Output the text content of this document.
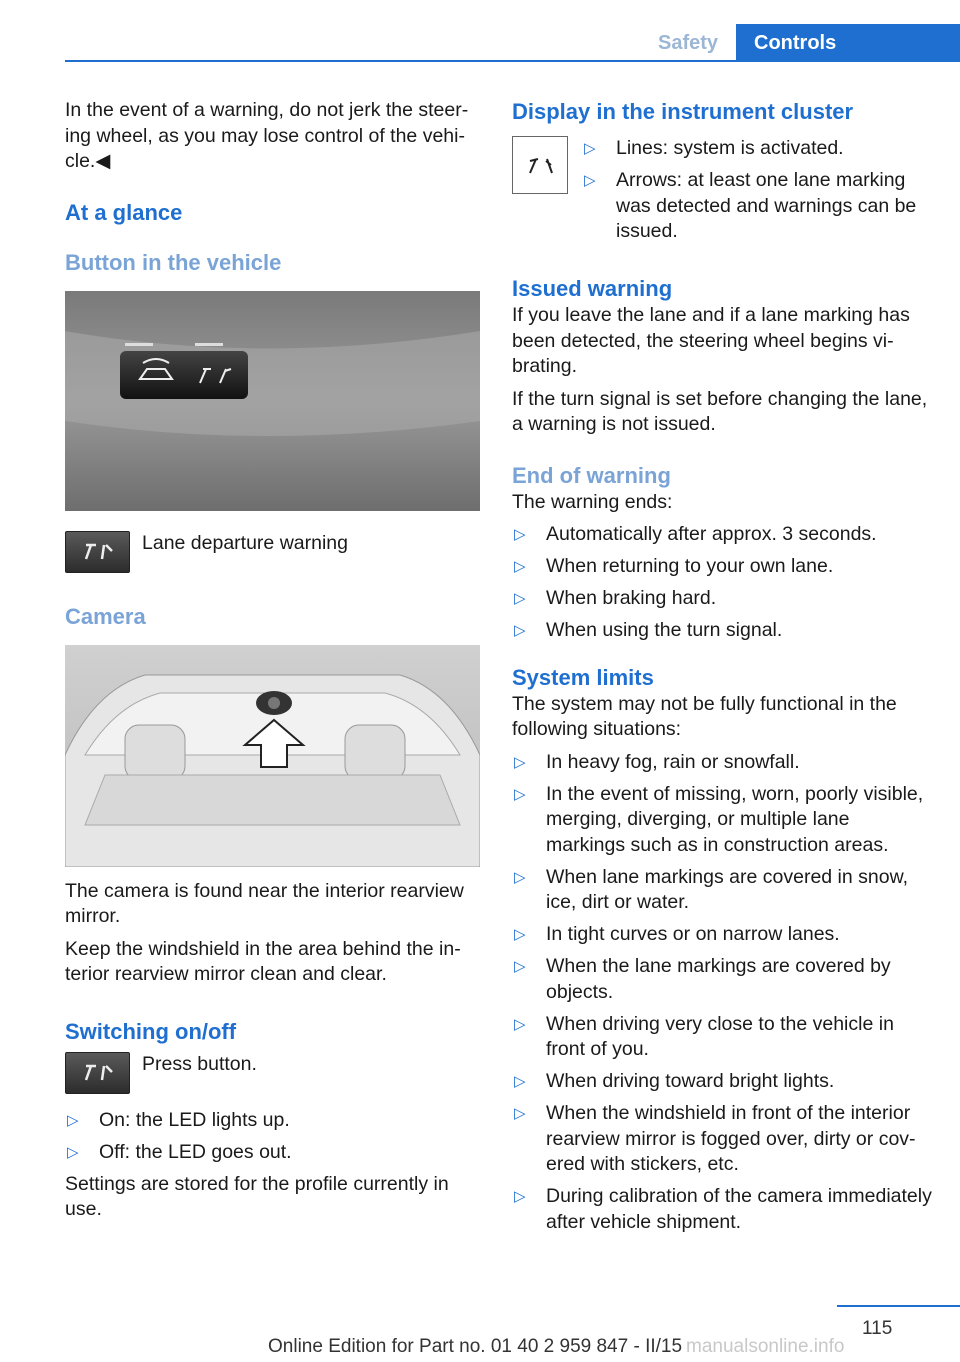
Safety	Controls

In the event of a warning, do not jerk the steering wheel, as you may lose control of the vehicle.◀

At a glance
Button in the vehicle
Lane departure warning
Camera

The camera is found near the interior rearview mirror.

Keep the windshield in the area behind the interior rearview mirror clean and clear.

Switching on/off
Press button.
▷ On: the LED lights up.
▷ Off: the LED goes out.

Settings are stored for the profile currently in use.

Display in the instrument cluster
▷ Lines: system is activated.
▷ Arrows: at least one lane marking was detected and warnings can be issued.
Issued warning

If you leave the lane and if a lane marking has been detected, the steering wheel begins vibrating.

If the turn signal is set before changing the lane, a warning is not issued.

End of warning

The warning ends:

▷ Automatically after approx. 3 seconds.
▷ When returning to your own lane.
▷ When braking hard.
▷ When using the turn signal.
System limits

The system may not be fully functional in the following situations:

▷ In heavy fog, rain or snowfall.
▷ In the event of missing, worn, poorly visible, merging, diverging, or multiple lane markings such as in construction areas.
▷ When lane markings are covered in snow, ice, dirt or water.
▷ In tight curves or on narrow lanes.
▷ When the lane markings are covered by objects.
▷ When driving very close to the vehicle in front of you.
▷ When driving toward bright lights.
▷ When the windshield in front of the interior rearview mirror is fogged over, dirty or covered with stickers, etc.
▷ During calibration of the camera immediately after vehicle shipment.
115
Online Edition for Part no. 01 40 2 959 847 - II/15 manualsonline.info
